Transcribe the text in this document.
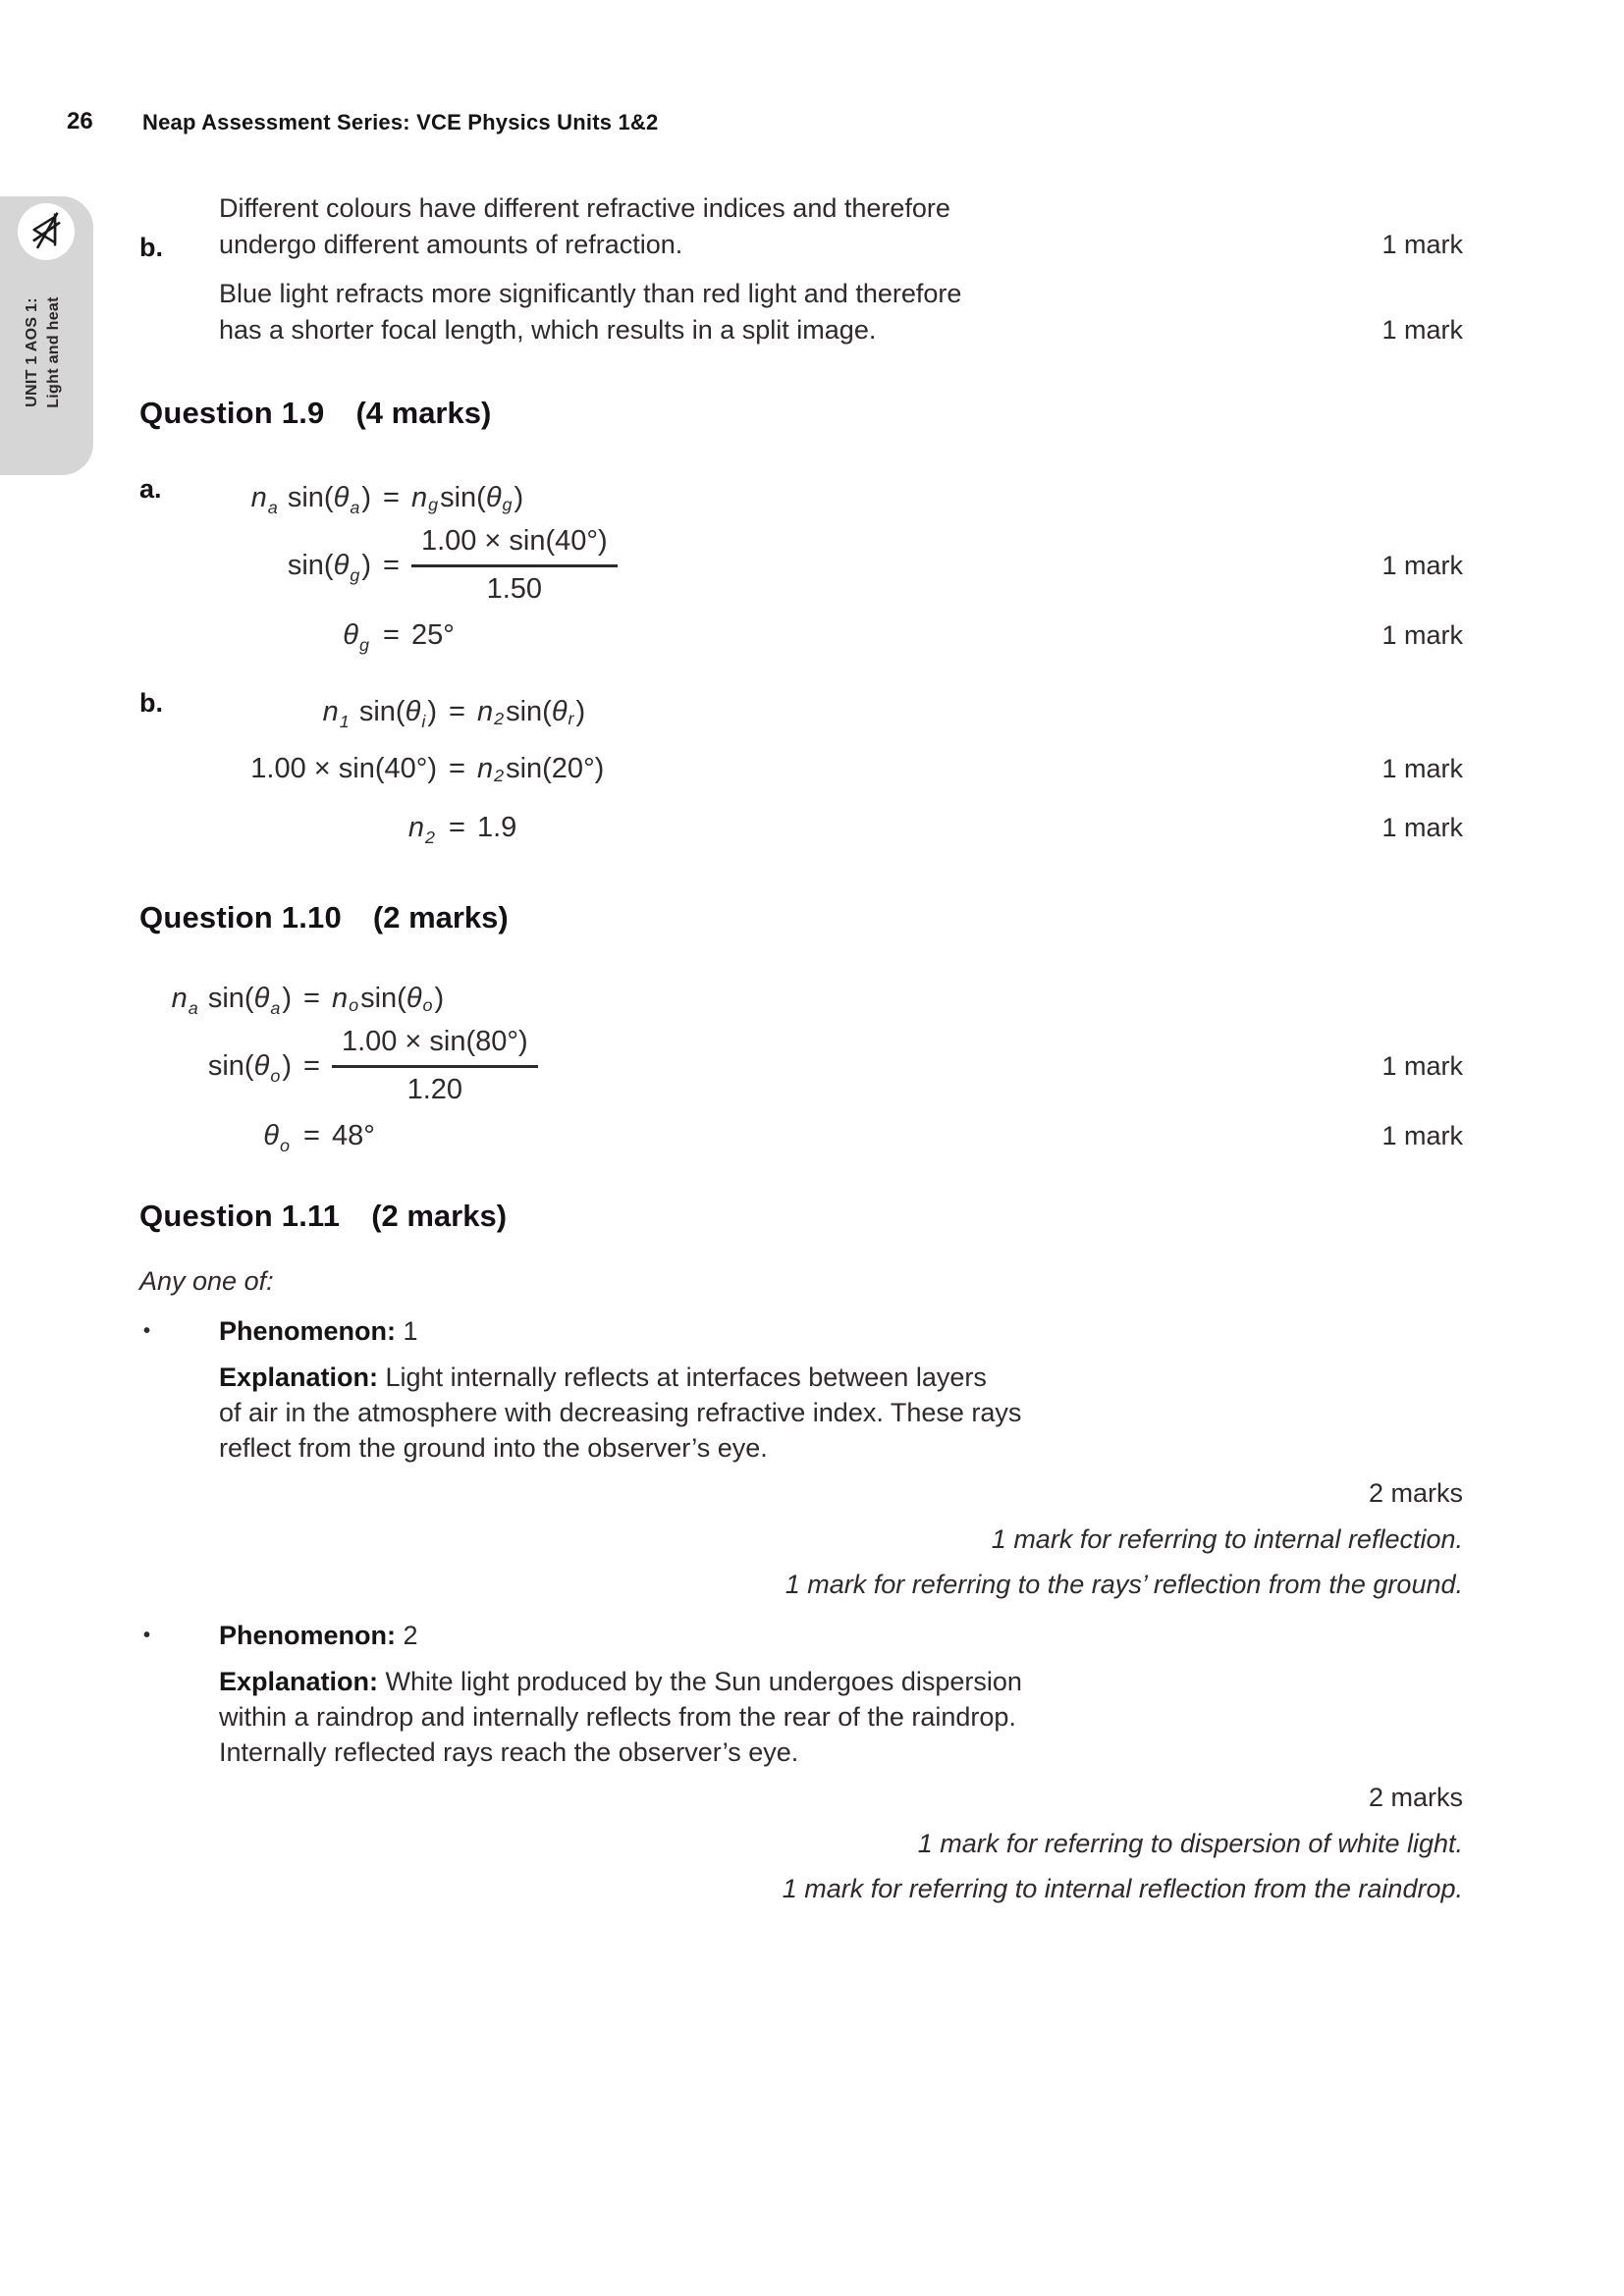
26 Neap Assessment Series: VCE Physics Units 1&2
UNIT 1 AOS 1: Light and heat
b.
Different colours have different refractive indices and therefore
undergo different amounts of refraction.	1 mark
Blue light refracts more significantly than red light and therefore
has a shorter focal length, which results in a split image.	1 mark
Question 1.9 (4 marks)
a.	$n_a$ $\sin(\theta_a) = n$ g sin( θ g )
$\sin(\theta_g) = \frac{1.00 \times \sin(40^\circ)}{1.50}$	1 mark
$\theta_g = 25^\circ$	1 mark
b.	$n_1$ $\sin(\theta_i) = n$ 2 sin( θ r )
1.00 × sin(40°) = n 2 sin(20°)	1 mark
$n_2 = 1.9$	1 mark
Question 1.10 (2 marks)
$n_a$ $\sin(\theta_a) = n$ o sin( θ o )
$\sin(\theta_o) = \frac{1.00 \times \sin(80^\circ)}{1.20}$	1 mark
$\theta_o = 48^\circ$	1 mark
Question 1.11 (2 marks)
Any one of:
•	Phenomenon: 1
Explanation: Light internally reflects at interfaces between layers
of air in the atmosphere with decreasing refractive index. These rays
reflect from the ground into the observer’s eye.
2 marks
1 mark for referring to internal reflection.
1 mark for referring to the rays’ reflection from the ground.
•	Phenomenon: 2
Explanation: White light produced by the Sun undergoes dispersion
within a raindrop and internally reflects from the rear of the raindrop.
Internally reflected rays reach the observer’s eye.
2 marks
1 mark for referring to dispersion of white light.
1 mark for referring to internal reflection from the raindrop.
